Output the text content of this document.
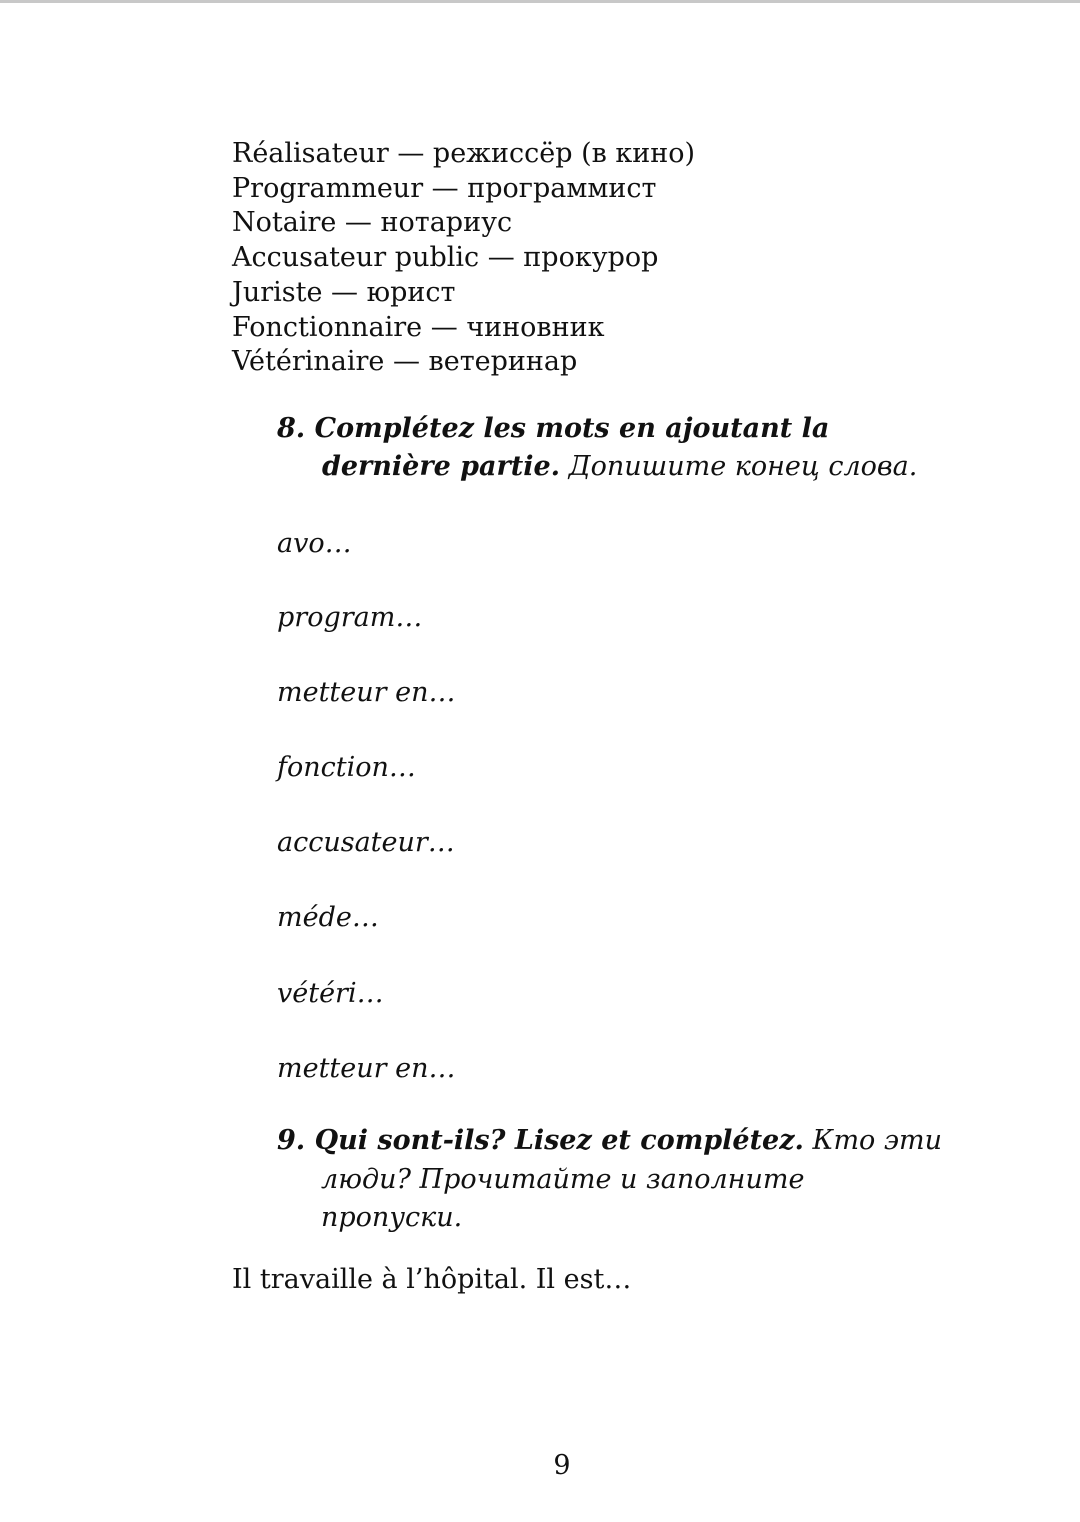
Réalisateur — режиссёр (в кино)
Programmeur — программист
Notaire — нотариус
Accusateur public — прокурор
Juriste — юрист
Fonctionnaire — чиновник
Vétérinaire — ветеринар
8. Complétez les mots en ajoutant la
dernière partie. Допишите конец слова.
avo…
program…
metteur en…
fonction…
accusateur…
méde…
vétéri…
metteur en…
9. Qui sont-ils? Lisez et complétez. Кто эти
люди? Прочитайте и заполните
пропуски.
Il travaille à l’hôpital. Il est…
9
